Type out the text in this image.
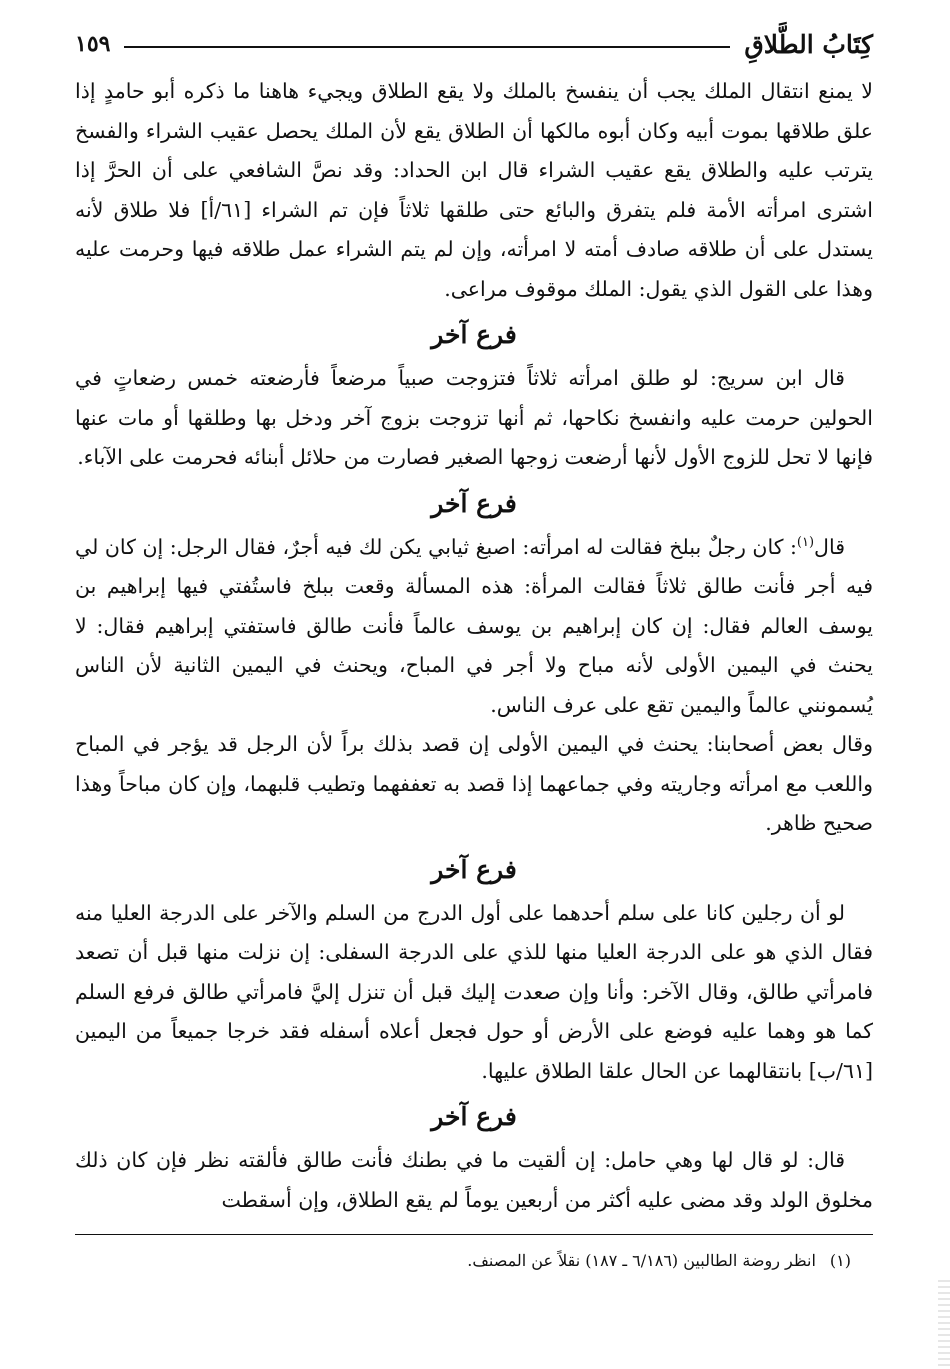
كِتَابُ الطَّلاقِ
١٥٩

لا يمنع انتقال الملك يجب أن ينفسخ بالملك ولا يقع الطلاق ويجيء هاهنا ما ذكره أبو حامدٍ إذا علق طلاقها بموت أبيه وكان أبوه مالكها أن الطلاق يقع لأن الملك يحصل عقيب الشراء والفسخ يترتب عليه والطلاق يقع عقيب الشراء قال ابن الحداد: وقد نصَّ الشافعي على أن الحرَّ إذا اشترى امرأته الأمة فلم يتفرق والبائع حتى طلقها ثلاثاً فإن تم الشراء [٦١/أ] فلا طلاق لأنه يستدل على أن طلاقه صادف أمته لا امرأته، وإن لم يتم الشراء عمل طلاقه فيها وحرمت عليه وهذا على القول الذي يقول: الملك موقوف مراعى.

فرع آخر

قال ابن سريج: لو طلق امرأته ثلاثاً فتزوجت صبياً مرضعاً فأرضعته خمس رضعاتٍ في الحولين حرمت عليه وانفسخ نكاحها، ثم أنها تزوجت بزوج آخر ودخل بها وطلقها أو مات عنها فإنها لا تحل للزوج الأول لأنها أرضعت زوجها الصغير فصارت من حلائل أبنائه فحرمت على الآباء.

فرع آخر

قال$^{(١)}$: كان رجلٌ ببلخ فقالت له امرأته: اصبغ ثيابي يكن لك فيه أجرٌ، فقال الرجل: إن كان لي فيه أجر فأنت طالق ثلاثاً فقالت المرأة: هذه المسألة وقعت ببلخ فاستُفتي فيها إبراهيم بن يوسف العالم فقال: إن كان إبراهيم بن يوسف عالماً فأنت طالق فاستفتي إبراهيم فقال: لا يحنث في اليمين الأولى لأنه مباح ولا أجر في المباح، ويحنث في اليمين الثانية لأن الناس يُسمونني عالماً واليمين تقع على عرف الناس.

وقال بعض أصحابنا: يحنث في اليمين الأولى إن قصد بذلك براً لأن الرجل قد يؤجر في المباح واللعب مع امرأته وجاريته وفي جماعهما إذا قصد به تعففهما وتطيب قلبهما، وإن كان مباحاً وهذا صحيح ظاهر.

فرع آخر

لو أن رجلين كانا على سلم أحدهما على أول الدرج من السلم والآخر على الدرجة العليا منه فقال الذي هو على الدرجة العليا منها للذي على الدرجة السفلى: إن نزلت منها قبل أن تصعد فامرأتي طالق، وقال الآخر: وأنا وإن صعدت إليك قبل أن تنزل إليَّ فامرأتي طالق فرفع السلم كما هو وهما عليه فوضع على الأرض أو حول فجعل أعلاه أسفله فقد خرجا جميعاً من اليمين [٦١/ب] بانتقالهما عن الحال علقا الطلاق عليها.

فرع آخر

قال: لو قال لها وهي حامل: إن ألقيت ما في بطنك فأنت طالق فألقته نظر فإن كان ذلك مخلوق الولد وقد مضى عليه أكثر من أربعين يوماً لم يقع الطلاق، وإن أسقطت

(١)انظر روضة الطالبين (٦/١٨٦ ـ ١٨٧) نقلاً عن المصنف.
